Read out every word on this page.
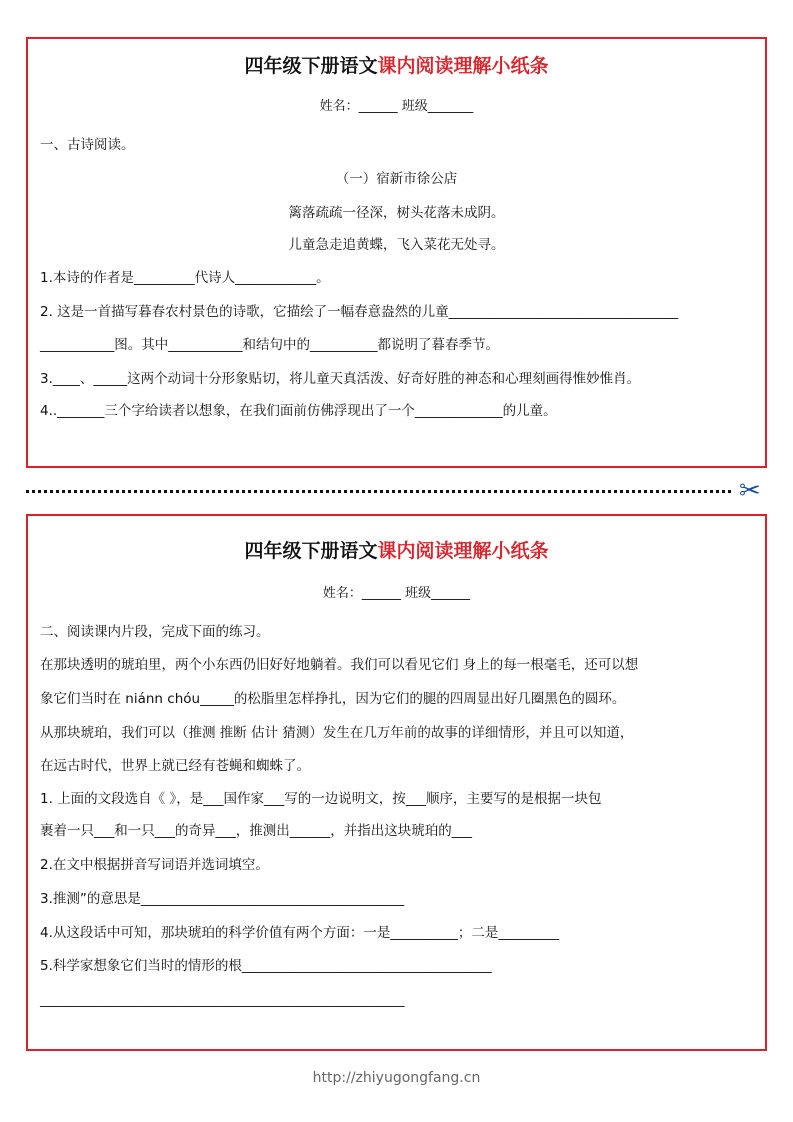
四年级下册语文课内阅读理解小纸条
姓名：______ 班级_______
一、古诗阅读。
（一）宿新市徐公店
篱落疏疏一径深，树头花落未成阴。
儿童急走追黄蝶，飞入菜花无处寻。
1.本诗的作者是_________代诗人____________。
2. 这是一首描写暮春农村景色的诗歌，它描绘了一幅春意盎然的儿童__________________________________
___________图。其中___________和结句中的__________都说明了暮春季节。
3.____、_____这两个动词十分形象贴切，将儿童天真活泼、好奇好胜的神态和心理刻画得惟妙惟肖。
4.._______三个字给读者以想象，在我们面前仿佛浮现出了一个_____________的儿童。
✂
四年级下册语文课内阅读理解小纸条
姓名：______ 班级______
二、阅读课内片段，完成下面的练习。
在那块透明的琥珀里，两个小东西仍旧好好地躺着。我们可以看见它们 身上的每一根毫毛，还可以想
象它们当时在 niánn chóu_____的松脂里怎样挣扎，因为它们的腿的四周显出好几圈黑色的圆环。
从那块琥珀，我们可以（推测 推断 估计 猜测）发生在几万年前的故事的详细情形，并且可以知道，
在远古时代，世界上就已经有苍蝇和蜘蛛了。
1. 上面的文段选自《 》，是___国作家___写的一边说明文，按___顺序，主要写的是根据一块包
裹着一只___和一只___的奇异___，推测出______，并指出这块琥珀的___
2.在文中根据拼音写词语并选词填空。
3.推测”的意思是_______________________________________
4.从这段话中可知，那块琥珀的科学价值有两个方面：一是__________；二是_________
5.科学家想象它们当时的情形的根_____________________________________
______________________________________________________
http://zhiyugongfang.cn
